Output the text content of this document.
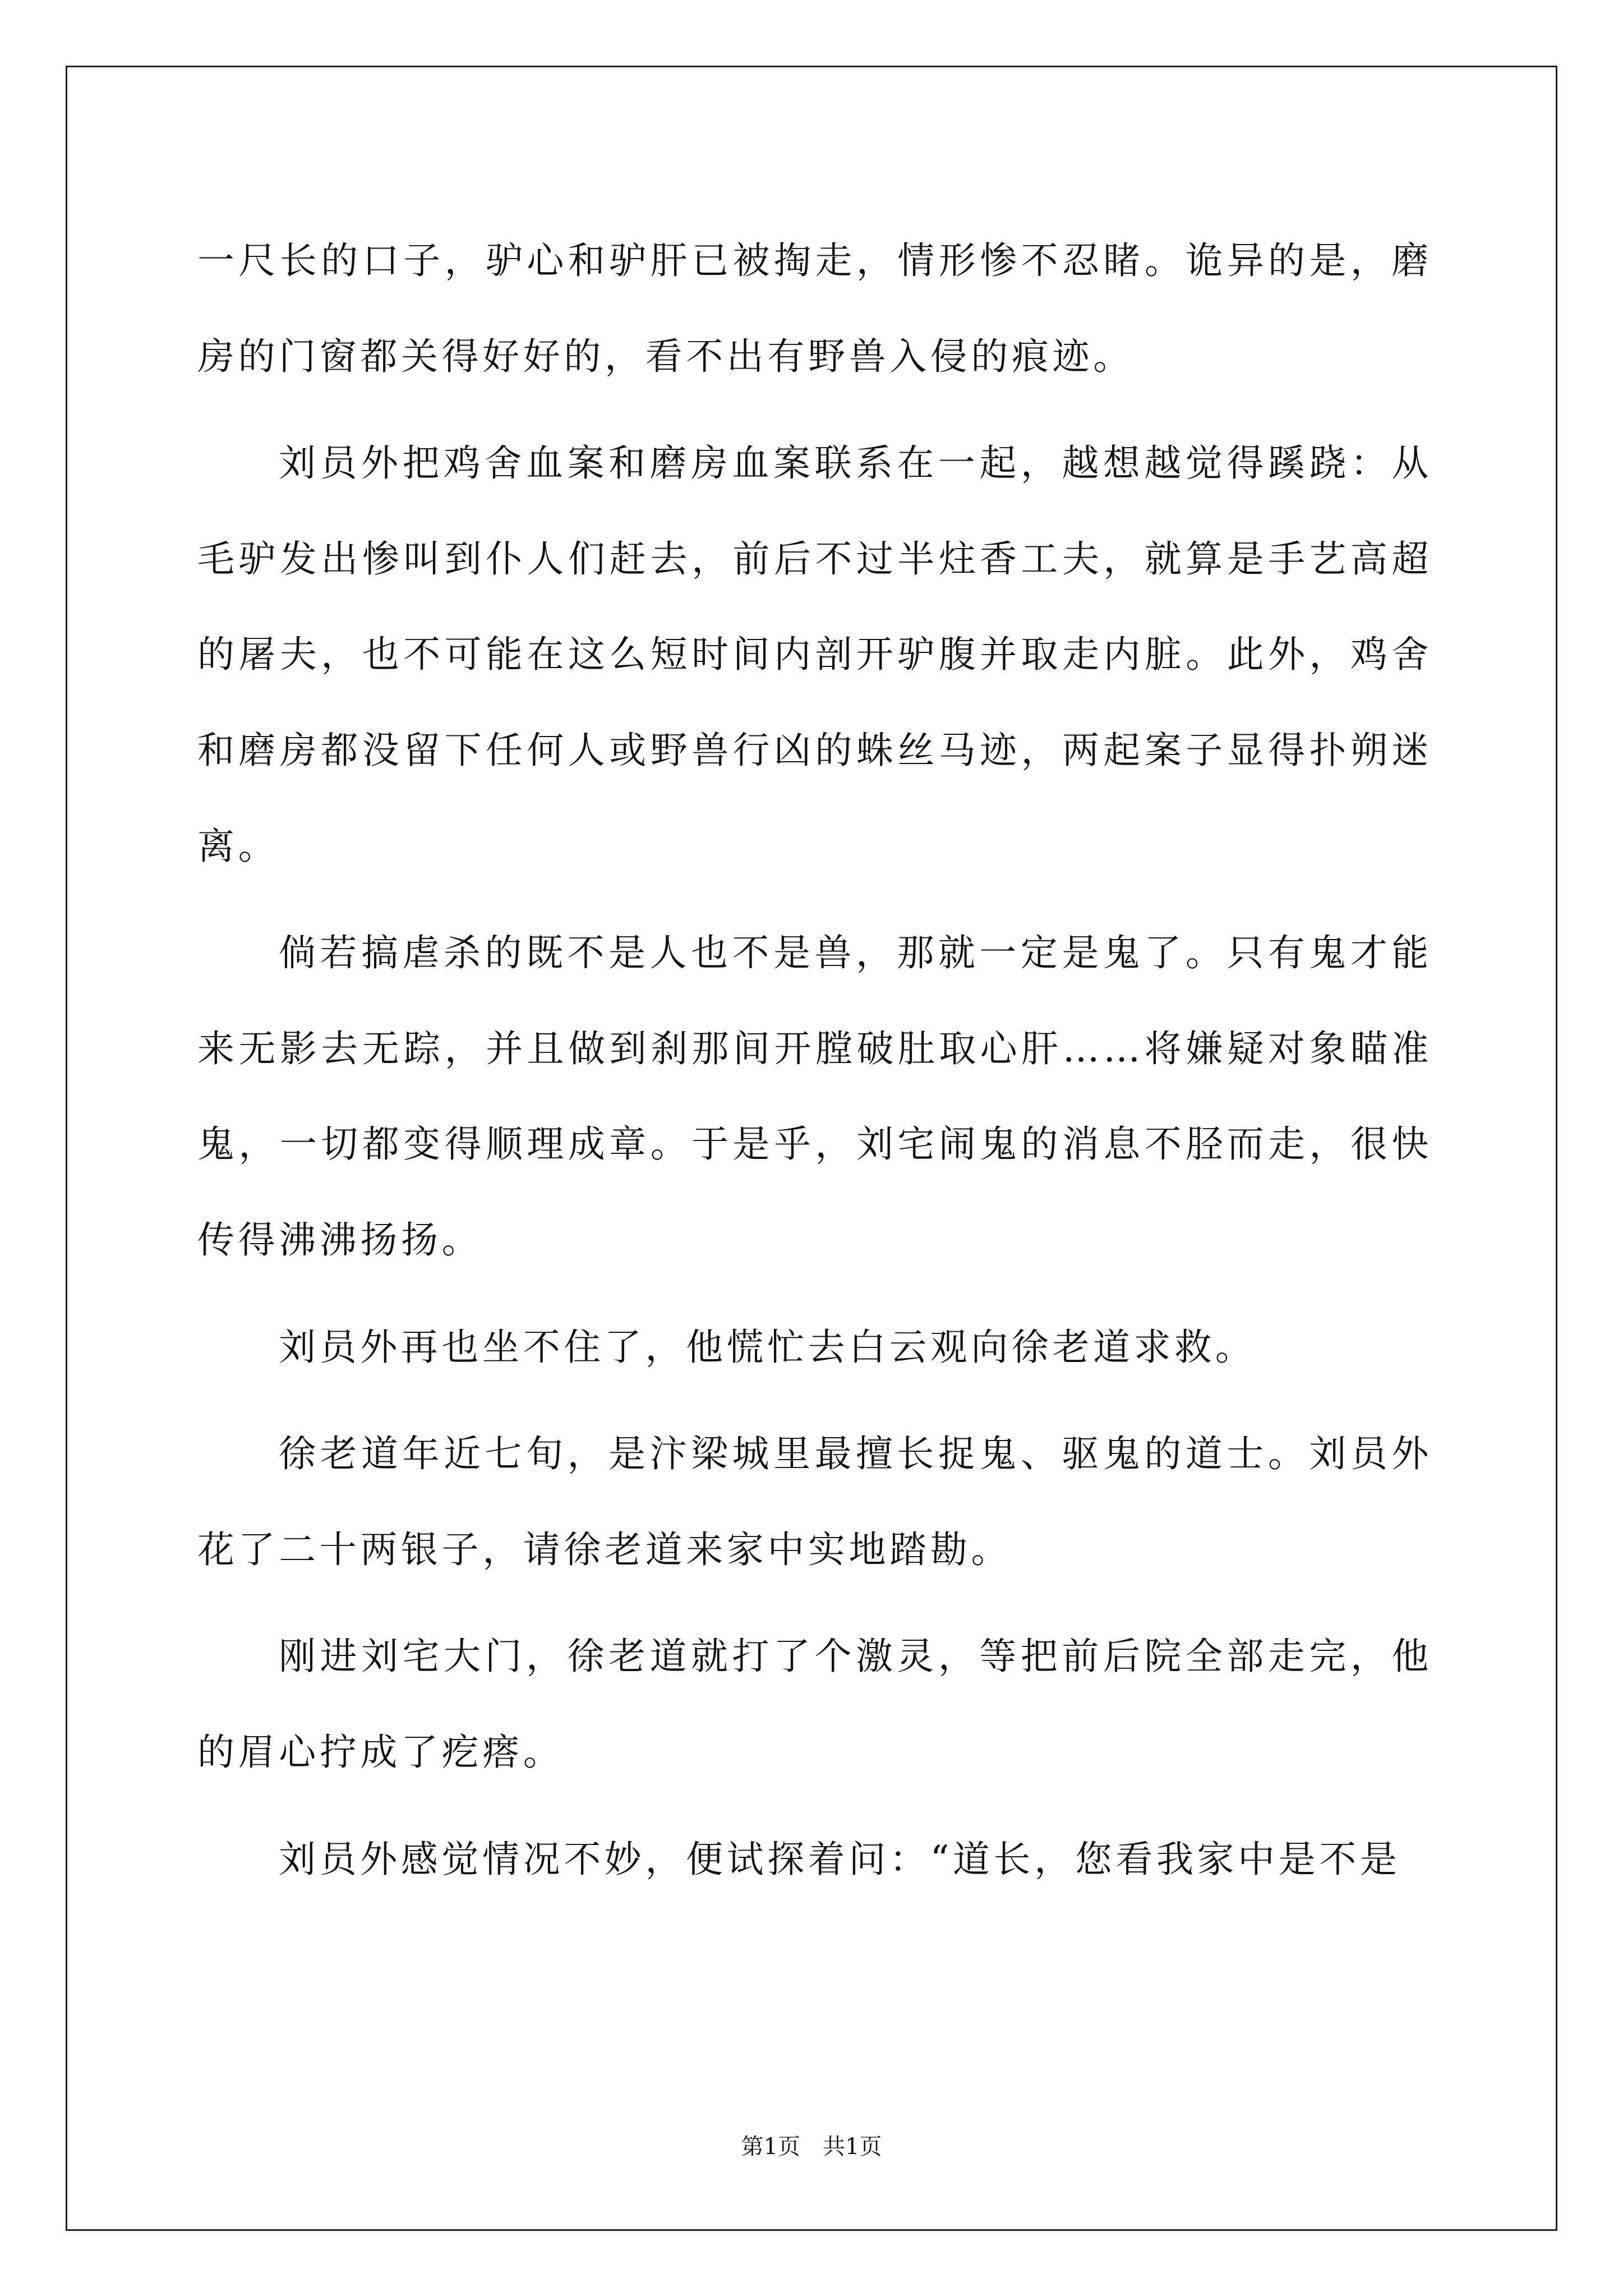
一尺长的口子，驴心和驴肝已被掏走，情形惨不忍睹。诡异的是，磨房的门窗都关得好好的，看不出有野兽入侵的痕迹。

刘员外把鸡舍血案和磨房血案联系在一起，越想越觉得蹊跷：从毛驴发出惨叫到仆人们赶去，前后不过半炷香工夫，就算是手艺高超的屠夫，也不可能在这么短时间内剖开驴腹并取走内脏。此外，鸡舍和磨房都没留下任何人或野兽行凶的蛛丝马迹，两起案子显得扑朔迷离。

倘若搞虐杀的既不是人也不是兽，那就一定是鬼了。只有鬼才能来无影去无踪，并且做到刹那间开膛破肚取心肝……将嫌疑对象瞄准鬼，一切都变得顺理成章。于是乎，刘宅闹鬼的消息不胫而走，很快传得沸沸扬扬。

刘员外再也坐不住了，他慌忙去白云观向徐老道求救。

徐老道年近七旬，是汴梁城里最擅长捉鬼、驱鬼的道士。刘员外花了二十两银子，请徐老道来家中实地踏勘。

刚进刘宅大门，徐老道就打了个激灵，等把前后院全部走完，他的眉心拧成了疙瘩。

刘员外感觉情况不妙，便试探着问：“道长，您看我家中是不是

第1页　共1页
